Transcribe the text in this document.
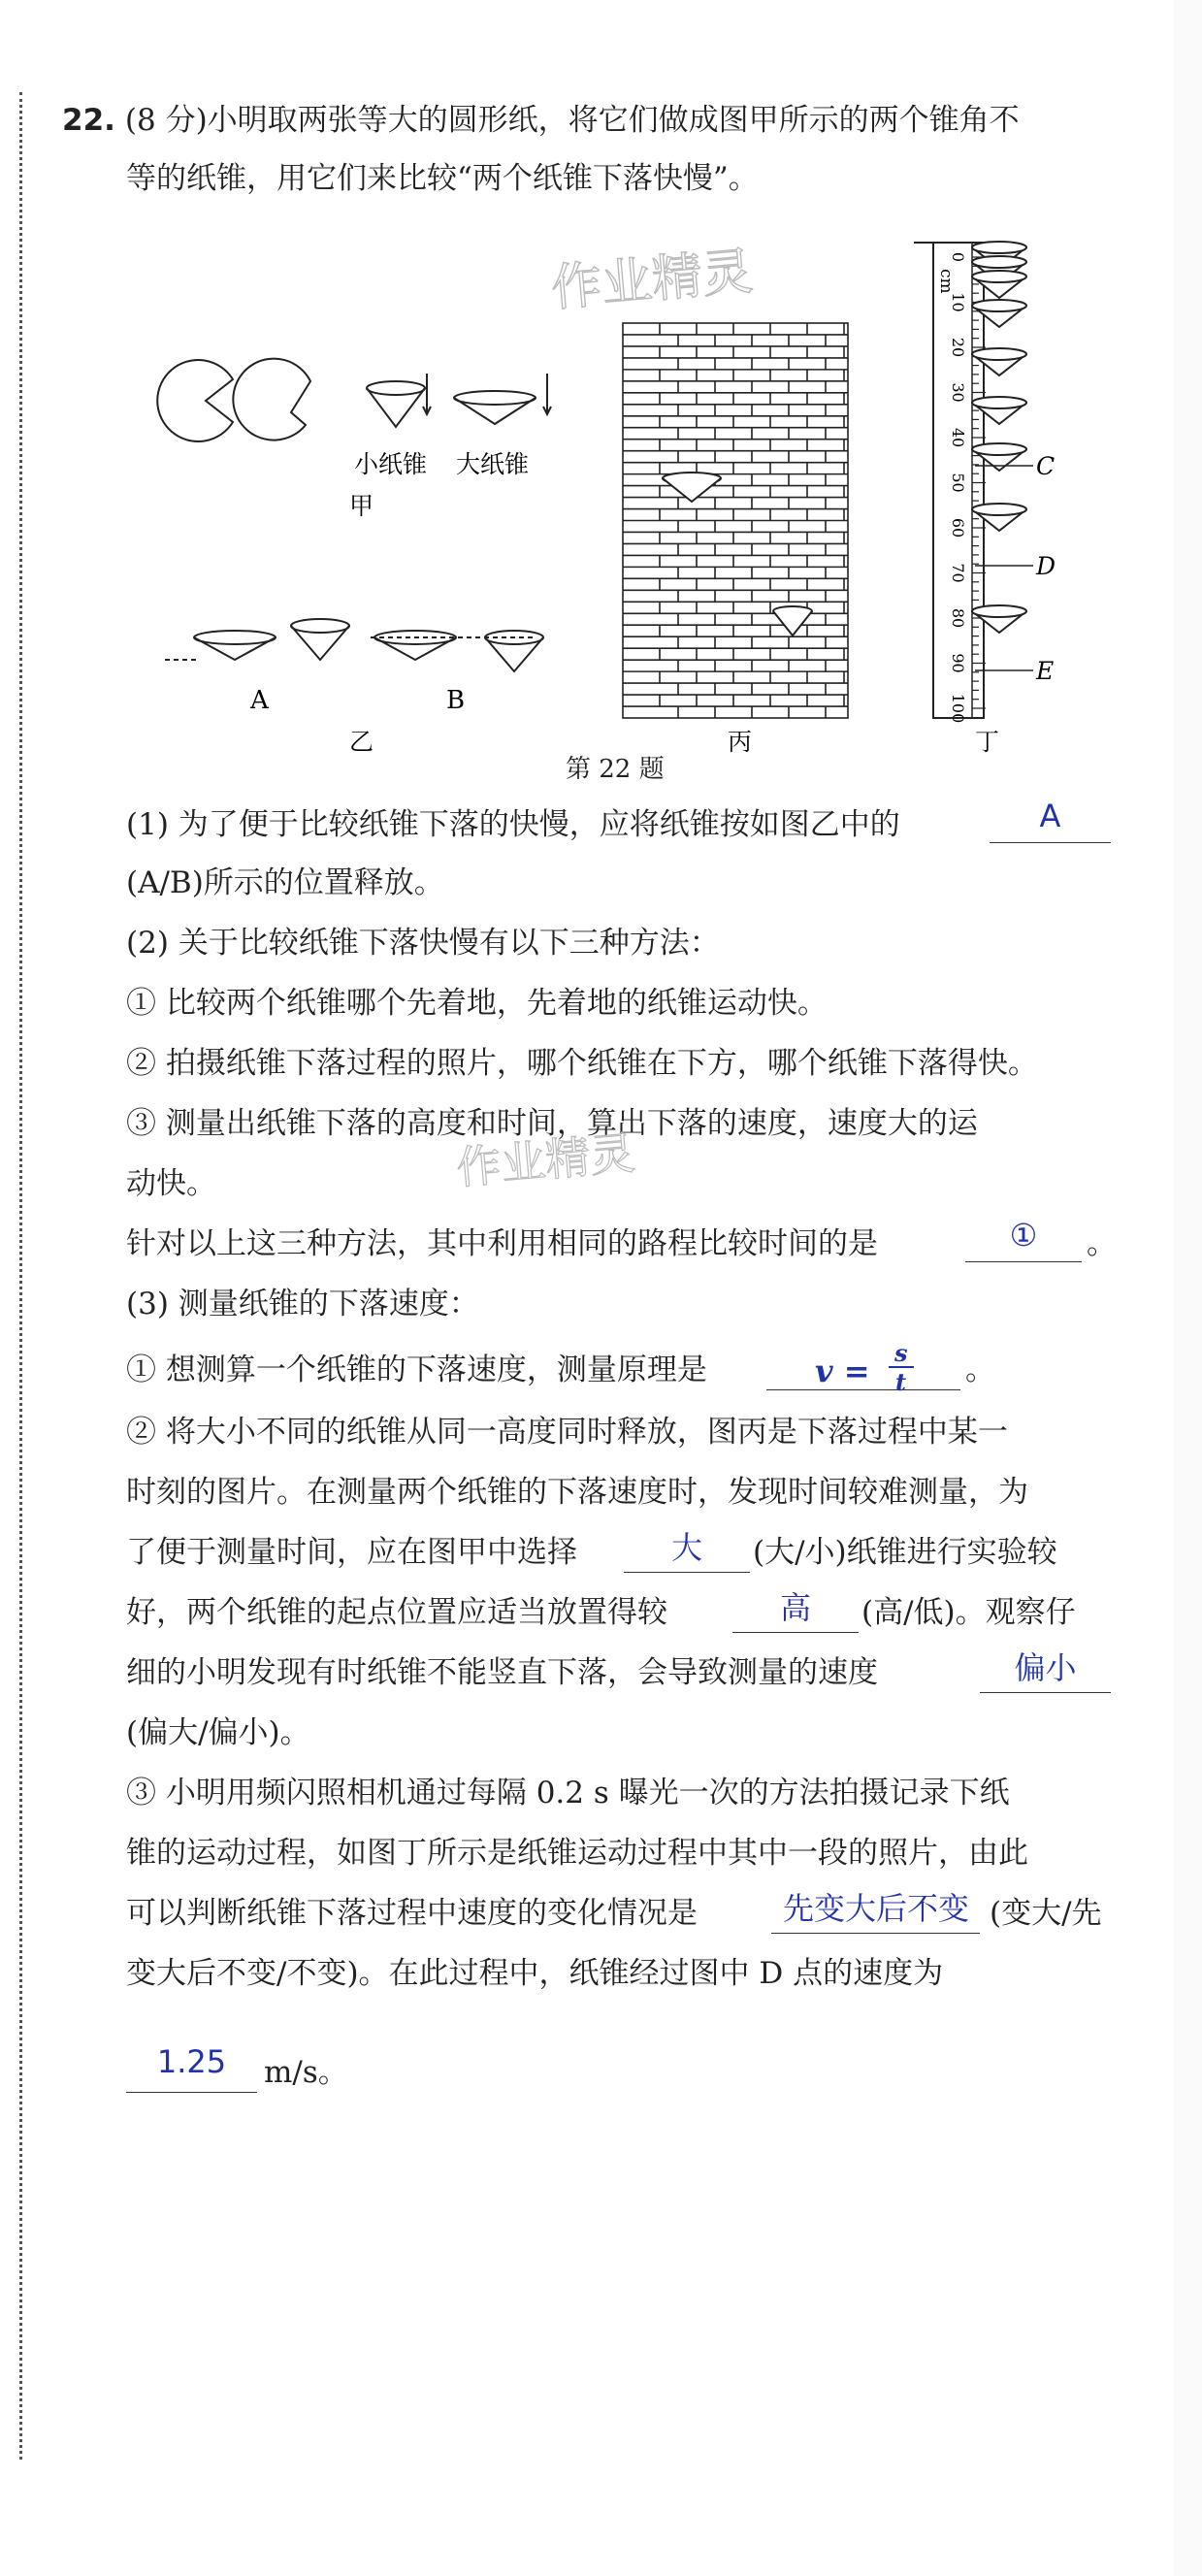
22. (8 分)小明取两张等大的圆形纸，将它们做成图甲所示的两个锥角不
等的纸锥，用它们来比较“两个纸锥下落快慢”。
作业精灵
小纸锥 大纸锥
甲
A	B
乙	丙
0
10
20
30
40
50
60
70
80
90
100
cm
C
D
E
丁
第 22 题
(1) 为了便于比较纸锥下落的快慢，应将纸锥按如图乙中的	A
(A/B)所示的位置释放。
(2) 关于比较纸锥下落快慢有以下三种方法：
① 比较两个纸锥哪个先着地，先着地的纸锥运动快。
② 拍摄纸锥下落过程的照片，哪个纸锥在下方，哪个纸锥下落得快。
③ 测量出纸锥下落的高度和时间，算出下落的速度，速度大的运
动快。	作业精灵
针对以上这三种方法，其中利用相同的路程比较时间的是	①	。
(3) 测量纸锥的下落速度：
① 想测算一个纸锥的下落速度，测量原理是	v = s
t 。
② 将大小不同的纸锥从同一高度同时释放，图丙是下落过程中某一
时刻的图片。在测量两个纸锥的下落速度时，发现时间较难测量，为
了便于测量时间，应在图甲中选择	大	(大/小)纸锥进行实验较
好，两个纸锥的起点位置应适当放置得较	高	(高/低)。观察仔
细的小明发现有时纸锥不能竖直下落，会导致测量的速度	偏小
(偏大/偏小)。
③ 小明用频闪照相机通过每隔 0.2 s 曝光一次的方法拍摄记录下纸
锥的运动过程，如图丁所示是纸锥运动过程中其中一段的照片，由此
可以判断纸锥下落过程中速度的变化情况是	先变大后不变 (变大/先
变大后不变/不变)。在此过程中，纸锥经过图中 D 点的速度为
1.25	m/s。
